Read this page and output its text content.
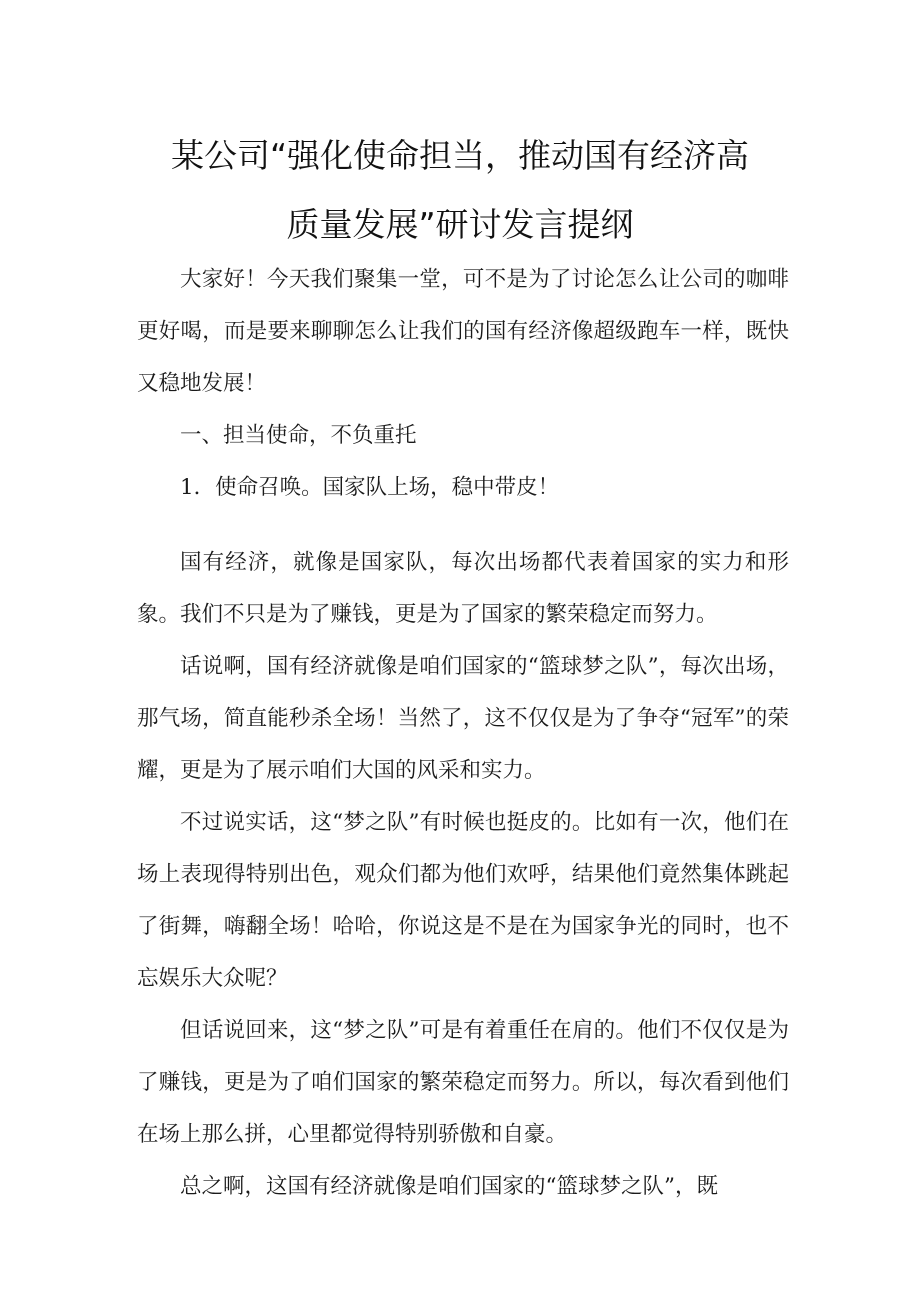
某公司“强化使命担当，推动国有经济高
质量发展”研讨发言提纲

大家好！今天我们聚集一堂，可不是为了讨论怎么让公司的咖啡更好喝，而是要来聊聊怎么让我们的国有经济像超级跑车一样，既快又稳地发展！

一、担当使命，不负重托

1．使命召唤。国家队上场，稳中带皮！

国有经济，就像是国家队，每次出场都代表着国家的实力和形象。我们不只是为了赚钱，更是为了国家的繁荣稳定而努力。

话说啊，国有经济就像是咱们国家的“篮球梦之队”，每次出场，那气场，简直能秒杀全场！当然了，这不仅仅是为了争夺“冠军”的荣耀，更是为了展示咱们大国的风采和实力。

不过说实话，这“梦之队”有时候也挺皮的。比如有一次，他们在场上表现得特别出色，观众们都为他们欢呼，结果他们竟然集体跳起了街舞，嗨翻全场！哈哈，你说这是不是在为国家争光的同时，也不忘娱乐大众呢？

但话说回来，这“梦之队”可是有着重任在肩的。他们不仅仅是为了赚钱，更是为了咱们国家的繁荣稳定而努力。所以，每次看到他们在场上那么拼，心里都觉得特别骄傲和自豪。

总之啊，这国有经济就像是咱们国家的“篮球梦之队”，既
